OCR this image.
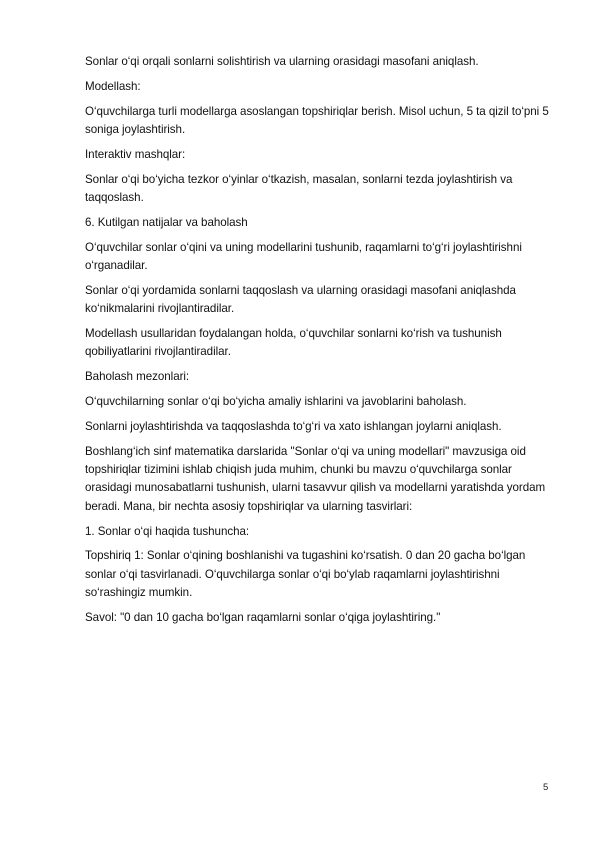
Sonlar o‘qi orqali sonlarni solishtirish va ularning orasidagi masofani aniqlash.

Modellash:

O‘quvchilarga turli modellarga asoslangan topshiriqlar berish. Misol uchun, 5 ta qizil to‘pni 5 soniga joylashtirish.

Interaktiv mashqlar:

Sonlar o‘qi bo‘yicha tezkor o‘yinlar o‘tkazish, masalan, sonlarni tezda joylashtirish va taqqoslash.

6. Kutilgan natijalar va baholash

O‘quvchilar sonlar o‘qini va uning modellarini tushunib, raqamlarni to‘g‘ri joylashtirishni o‘rganadilar.

Sonlar o‘qi yordamida sonlarni taqqoslash va ularning orasidagi masofani aniqlashda ko‘nikmalarini rivojlantiradilar.

Modellash usullaridan foydalangan holda, o‘quvchilar sonlarni ko‘rish va tushunish qobiliyatlarini rivojlantiradilar.

Baholash mezonlari:

O‘quvchilarning sonlar o‘qi bo‘yicha amaliy ishlarini va javoblarini baholash.

Sonlarni joylashtirishda va taqqoslashda to‘g‘ri va xato ishlangan joylarni aniqlash.

Boshlang‘ich sinf matematika darslarida "Sonlar o‘qi va uning modellari" mavzusiga oid topshiriqlar tizimini ishlab chiqish juda muhim, chunki bu mavzu o‘quvchilarga sonlar orasidagi munosabatlarni tushunish, ularni tasavvur qilish va modellarni yaratishda yordam beradi. Mana, bir nechta asosiy topshiriqlar va ularning tasvirlari:

1. Sonlar o‘qi haqida tushuncha:

Topshiriq 1: Sonlar o‘qining boshlanishi va tugashini ko‘rsatish. 0 dan 20 gacha bo‘lgan sonlar o‘qi tasvirlanadi. O‘quvchilarga sonlar o‘qi bo‘ylab raqamlarni joylashtirishni so‘rashingiz mumkin.

Savol: "0 dan 10 gacha bo‘lgan raqamlarni sonlar o‘qiga joylashtiring."

5
